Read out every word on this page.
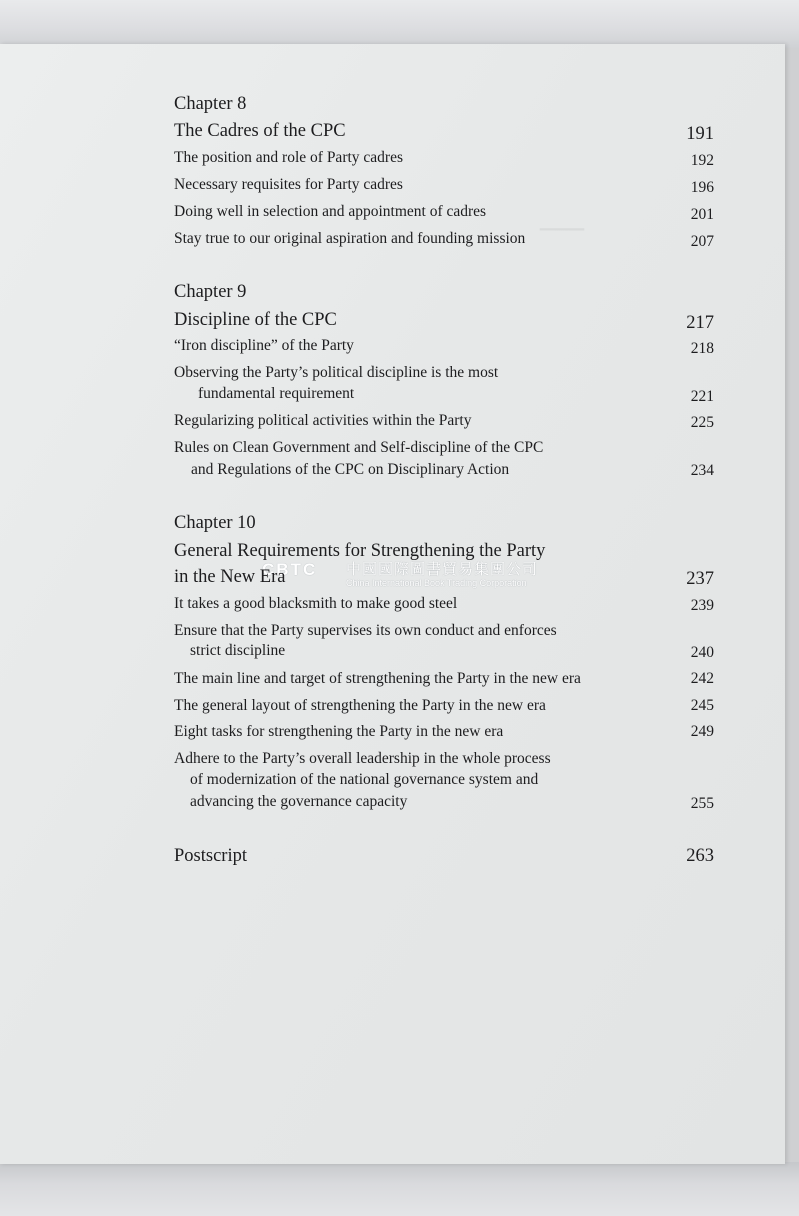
—
CBTC 中國國際圖書貿易集團公司
China International Book Trading Corporation
Chapter 8
The Cadres of the CPC	191
The position and role of Party cadres	192
Necessary requisites for Party cadres	196
Doing well in selection and appointment of cadres	201
Stay true to our original aspiration and founding mission	207
Chapter 9
Discipline of the CPC	217
“Iron discipline” of the Party	218
Observing the Party’s political discipline is the most
fundamental requirement	221
Regularizing political activities within the Party	225
Rules on Clean Government and Self-discipline of the CPC
and Regulations of the CPC on Disciplinary Action	234
Chapter 10
General Requirements for Strengthening the Party
in the New Era	237
It takes a good blacksmith to make good steel	239
Ensure that the Party supervises its own conduct and enforces
strict discipline	240
The main line and target of strengthening the Party in the new era	242
The general layout of strengthening the Party in the new era	245
Eight tasks for strengthening the Party in the new era	249
Adhere to the Party’s overall leadership in the whole process
of modernization of the national governance system and
advancing the governance capacity	255
Postscript	263
